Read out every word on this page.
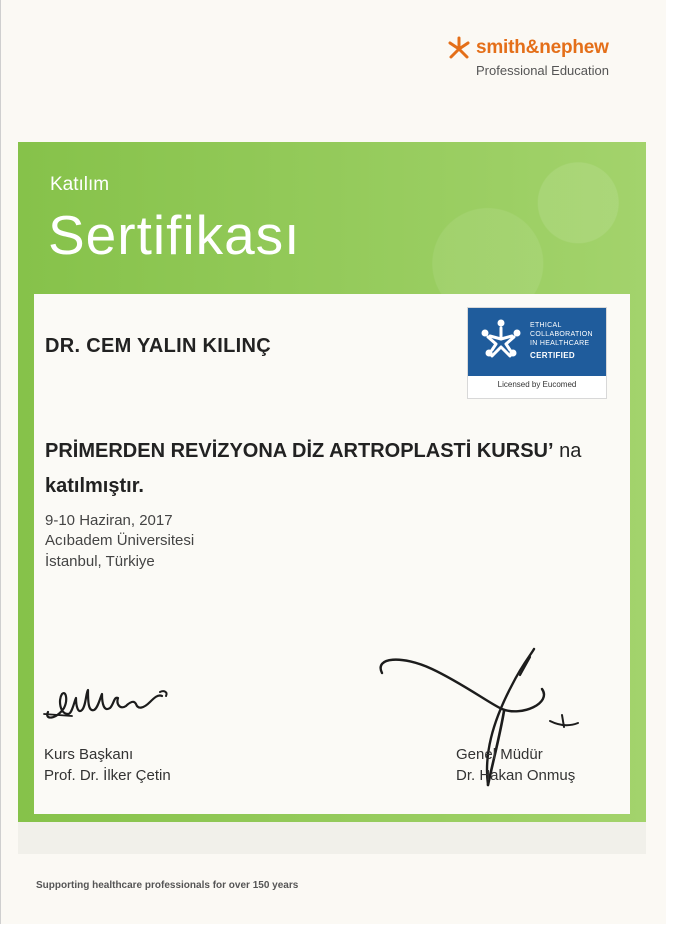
smith&nephew
Professional Education
Katılım
Sertifikası
DR. CEM YALIN KILINÇ
PRİMERDEN REVİZYONA DİZ ARTROPLASTİ KURSU’ na
katılmıştır.
9-10 Haziran, 2017
Acıbadem Üniversitesi
İstanbul, Türkiye
ETHICAL
COLLABORATION
IN HEALTHCARE
CERTIFIED
Licensed by Eucomed
Kurs Başkanı
Prof. Dr. İlker Çetin
Genel Müdür
Dr. Hakan Onmuş
Supporting healthcare professionals for over 150 years
